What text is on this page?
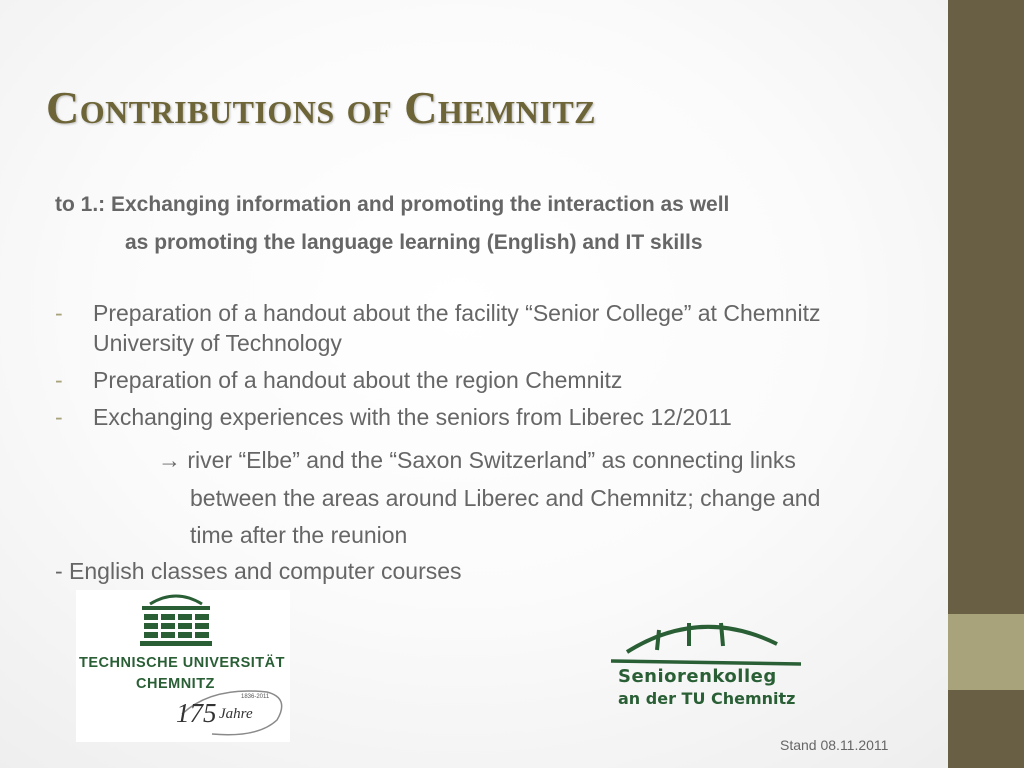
Contributions of Chemnitz
to 1.: Exchanging information and promoting the interaction as well
as promoting the language learning (English) and IT skills
- Preparation of a handout about the facility “Senior College” at Chemnitz University of Technology
- Preparation of a handout about the region Chemnitz
- Exchanging experiences with the seniors from Liberec 12/2011
→ river “Elbe” and the “Saxon Switzerland” as connecting links
between the areas around Liberec and Chemnitz; change and
time after the reunion
- English classes and computer courses
TECHNISCHE UNIVERSITÄT
CHEMNITZ
1836-2011
175 Jahre
Seniorenkolleg
an der TU Chemnitz
Stand 08.11.2011
